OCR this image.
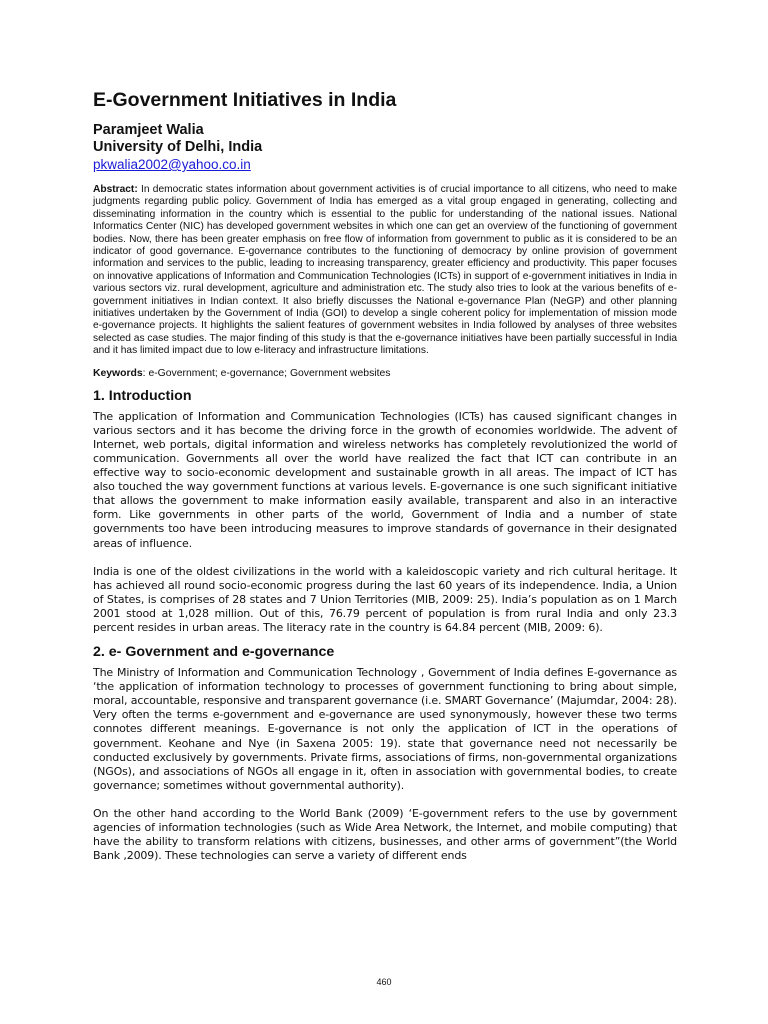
E-Government Initiatives in India

Paramjeet Walia

University of Delhi, India

pkwalia2002@yahoo.co.in

Abstract: In democratic states information about government activities is of crucial importance to all citizens, who need to make judgments regarding public policy. Government of India has emerged as a vital group engaged in generating, collecting and disseminating information in the country which is essential to the public for understanding of the national issues. National Informatics Center (NIC) has developed government websites in which one can get an overview of the functioning of government bodies. Now, there has been greater emphasis on free flow of information from government to public as it is considered to be an indicator of good governance. E-governance contributes to the functioning of democracy by online provision of government information and services to the public, leading to increasing transparency, greater efficiency and productivity. This paper focuses on innovative applications of Information and Communication Technologies (ICTs) in support of e-government initiatives in India in various sectors viz. rural development, agriculture and administration etc. The study also tries to look at the various benefits of e-government initiatives in Indian context. It also briefly discusses the National e-governance Plan (NeGP) and other planning initiatives undertaken by the Government of India (GOI) to develop a single coherent policy for implementation of mission mode e-governance projects. It highlights the salient features of government websites in India followed by analyses of three websites selected as case studies. The major finding of this study is that the e-governance initiatives have been partially successful in India and it has limited impact due to low e-literacy and infrastructure limitations.

Keywords: e-Government; e-governance; Government websites

1. Introduction

The application of Information and Communication Technologies (ICTs) has caused significant changes in various sectors and it has become the driving force in the growth of economies worldwide. The advent of Internet, web portals, digital information and wireless networks has completely revolutionized the world of communication. Governments all over the world have realized the fact that ICT can contribute in an effective way to socio-economic development and sustainable growth in all areas. The impact of ICT has also touched the way government functions at various levels. E-governance is one such significant initiative that allows the government to make information easily available, transparent and also in an interactive form. Like governments in other parts of the world, Government of India and a number of state governments too have been introducing measures to improve standards of governance in their designated areas of influence.

India is one of the oldest civilizations in the world with a kaleidoscopic variety and rich cultural heritage. It has achieved all round socio-economic progress during the last 60 years of its independence. India, a Union of States, is comprises of 28 states and 7 Union Territories (MIB, 2009: 25). India’s population as on 1 March 2001 stood at 1,028 million. Out of this, 76.79 percent of population is from rural India and only 23.3 percent resides in urban areas. The literacy rate in the country is 64.84 percent (MIB, 2009: 6).

2. e- Government and e-governance

The Ministry of Information and Communication Technology , Government of India defines E-governance as ‘the application of information technology to processes of government functioning to bring about simple, moral, accountable, responsive and transparent governance (i.e. SMART Governance’ (Majumdar, 2004: 28). Very often the terms e-government and e-governance are used synonymously, however these two terms connotes different meanings. E-governance is not only the application of ICT in the operations of government. Keohane and Nye (in Saxena 2005: 19). state that governance need not necessarily be conducted exclusively by governments. Private firms, associations of firms, non-governmental organizations (NGOs), and associations of NGOs all engage in it, often in association with governmental bodies, to create governance; sometimes without governmental authority).

On the other hand according to the World Bank (2009) ‘E-government refers to the use by government agencies of information technologies (such as Wide Area Network, the Internet, and mobile computing) that have the ability to transform relations with citizens, businesses, and other arms of government”(the World Bank ,2009). These technologies can serve a variety of different ends

460
